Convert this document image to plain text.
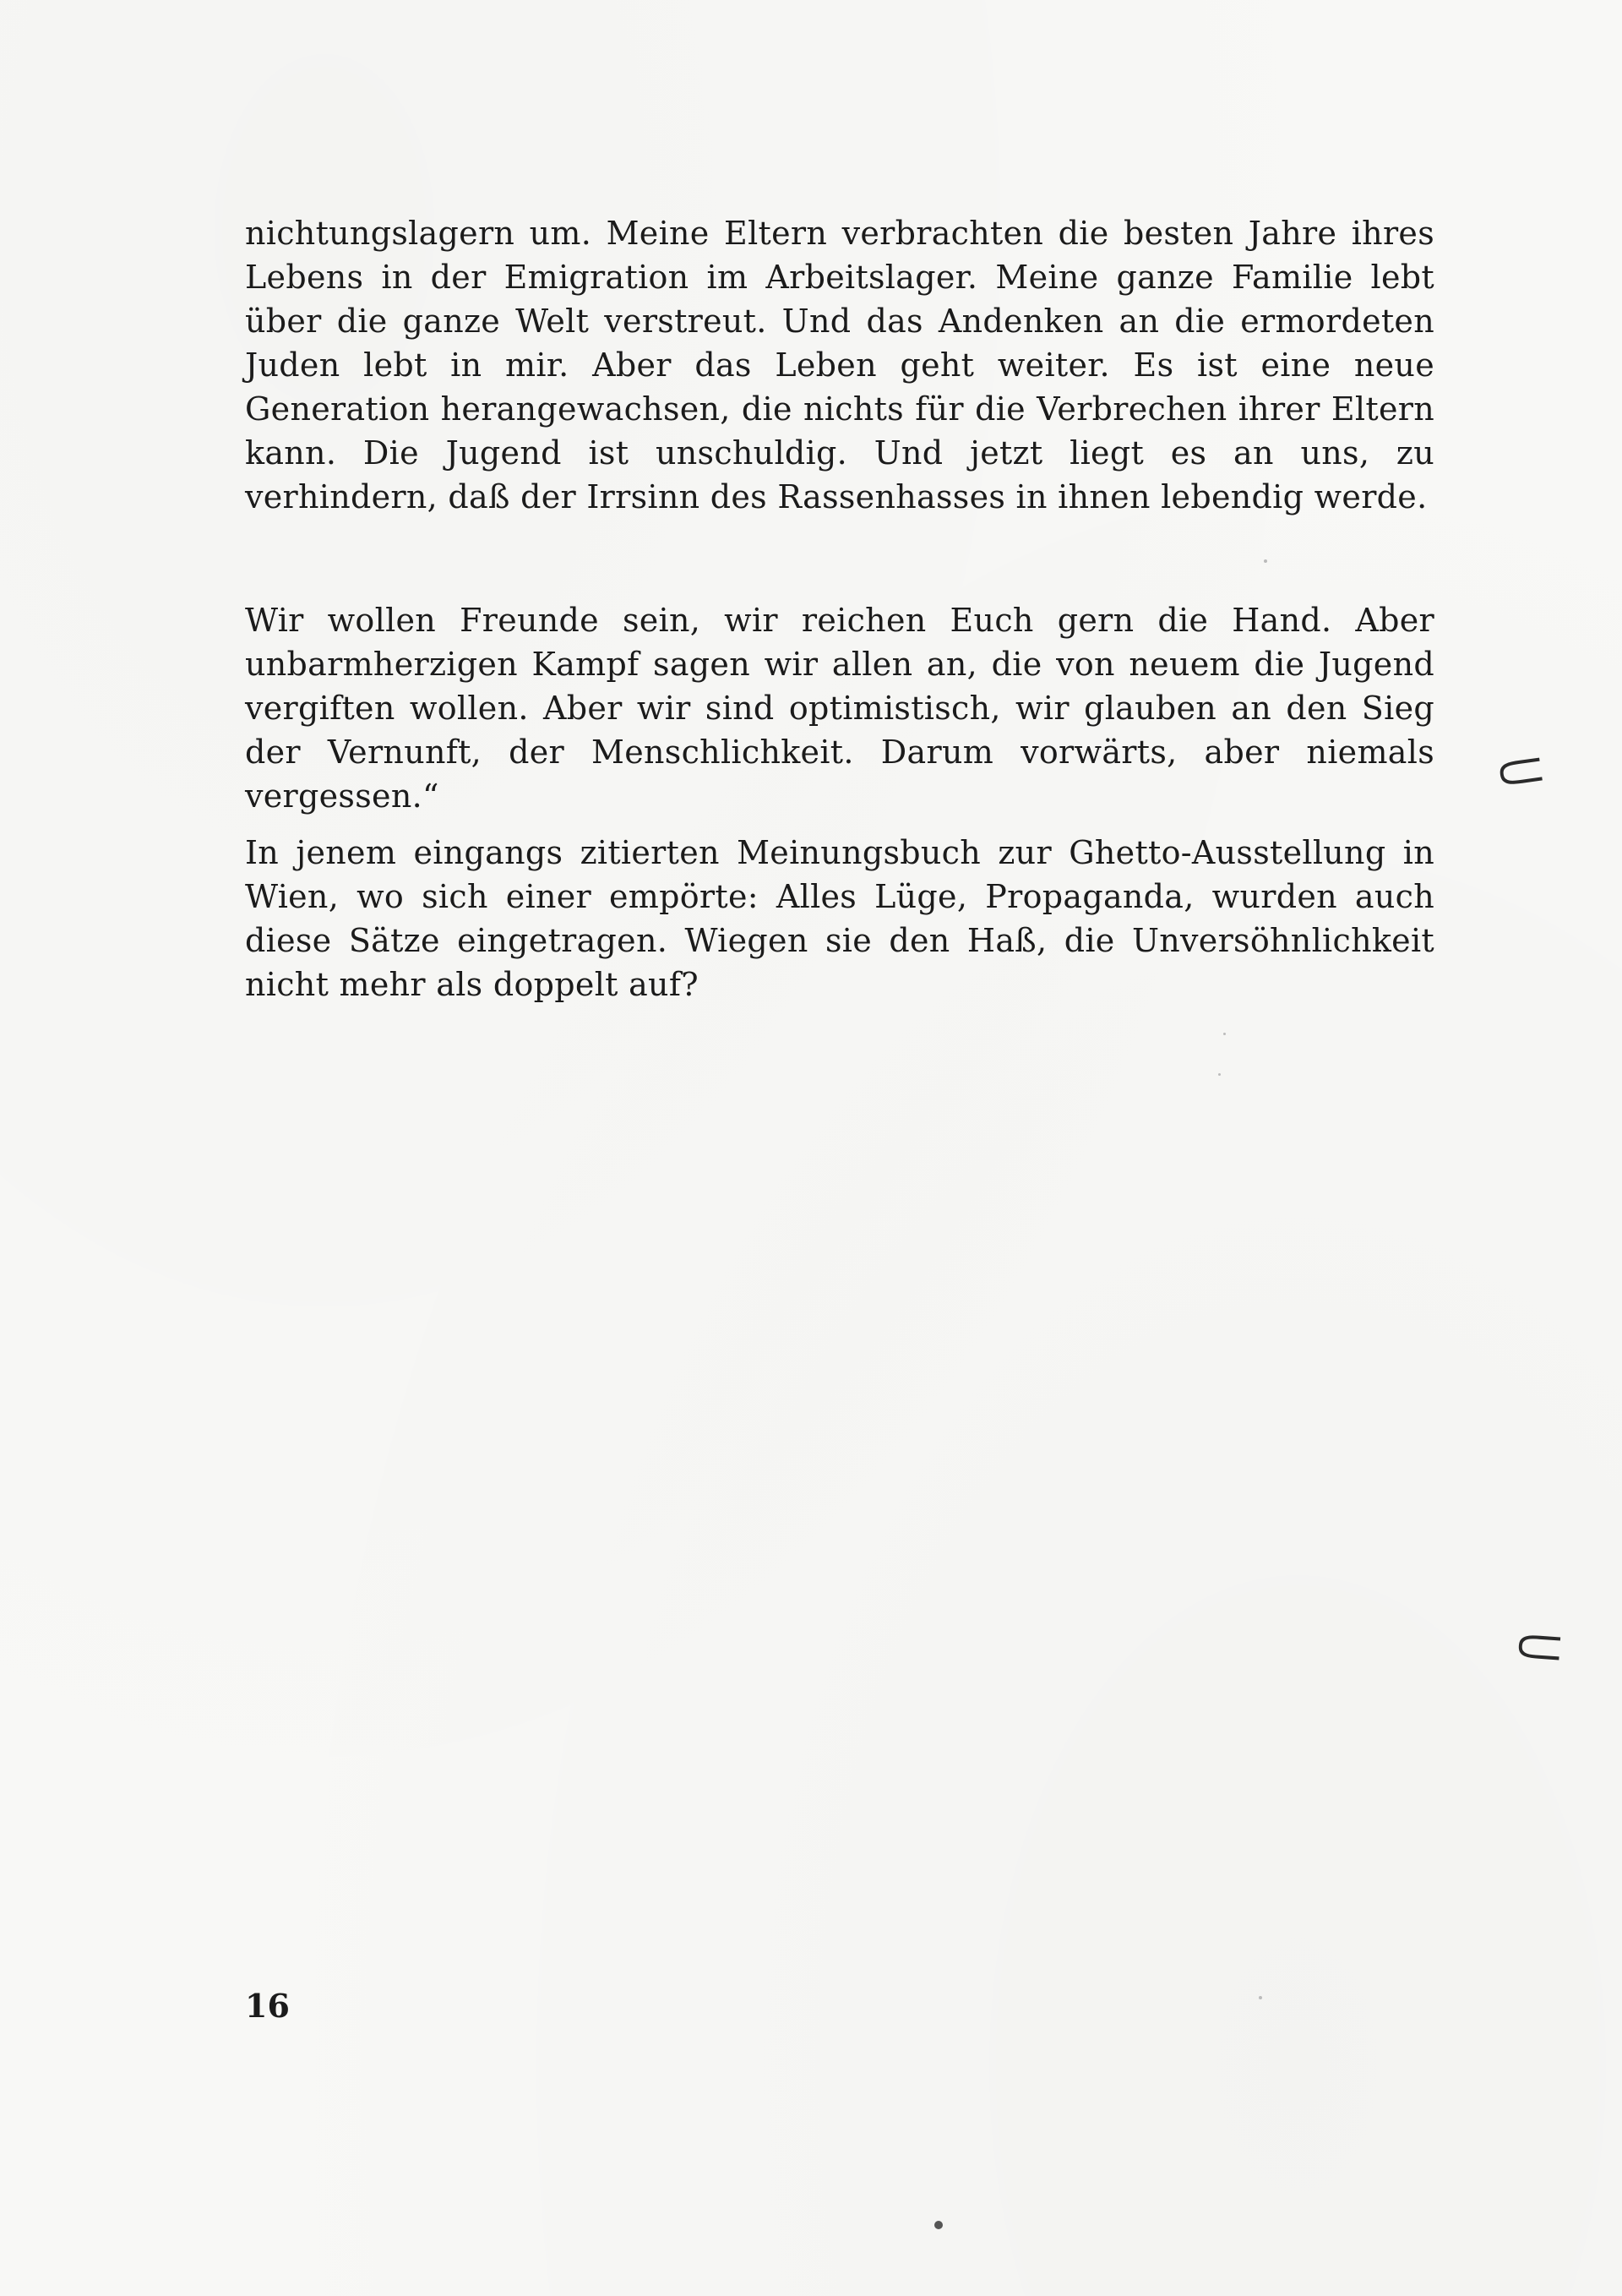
nichtungslagern um. Meine Eltern verbrachten die besten Jahre ihres Lebens in der Emigration im Arbeitslager. Meine ganze Familie lebt über die ganze Welt verstreut. Und das Andenken an die ermordeten Juden lebt in mir. Aber das Leben geht weiter. Es ist eine neue Generation herangewachsen, die nichts für die Verbrechen ihrer Eltern kann. Die Jugend ist unschuldig. Und jetzt liegt es an uns, zu verhindern, daß der Irrsinn des Rassenhasses in ihnen lebendig werde.
Wir wollen Freunde sein, wir reichen Euch gern die Hand. Aber unbarmherzigen Kampf sagen wir allen an, die von neuem die Jugend vergiften wollen. Aber wir sind optimistisch, wir glauben an den Sieg der Vernunft, der Menschlichkeit. Darum vorwärts, aber niemals vergessen.“
In jenem eingangs zitierten Meinungsbuch zur Ghetto-Ausstellung in Wien, wo sich einer empörte: Alles Lüge, Propaganda, wurden auch diese Sätze eingetragen. Wiegen sie den Haß, die Unversöhnlichkeit nicht mehr als doppelt auf?
16
⸦
⸦
